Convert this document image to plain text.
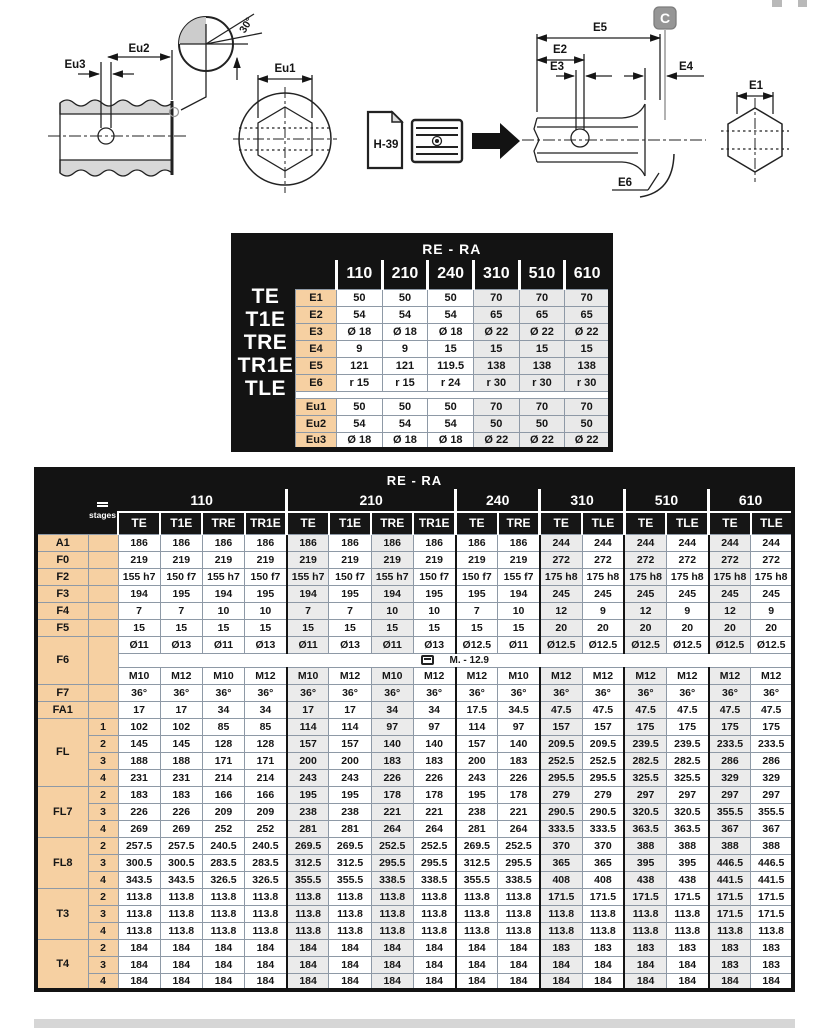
Eu2
Eu3
30°
Eu1
H-39
C
E5
E2
E3	E4
E6
E1
TE
T1E
TRE
TR1E
TLE	RE - RA						
		110	210	240	310	510	610
	E1	50	50	50	70	70	70
	E2	54	54	54	65	65	65
	E3	Ø 18	Ø 18	Ø 18	Ø 22	Ø 22	Ø 22
	E4	9	9	15	15	15	15
	E5	121	121	119.5	138	138	138
	E6	r 15	r 15	r 24	r 30	r 30	r 30

	Eu1	50	50	50	70	70	70
	Eu2	54	54	54	50	50	50
	Eu3	Ø 18	Ø 18	Ø 18	Ø 22	Ø 22	Ø 22
RE - RA																	

stages	110				210				240		310		510		610	
		TE	T1E	TRE	TR1E	TE	T1E	TRE	TR1E	TE	TRE	TE	TLE	TE	TLE	TE	TLE
A1		186	186	186	186	186	186	186	186	186	186	244	244	244	244	244	244
F0		219	219	219	219	219	219	219	219	219	219	272	272	272	272	272	272
F2		155 h7	150 f7	155 h7	150 f7	155 h7	150 f7	155 h7	150 f7	150 f7	155 f7	175 h8	175 h8	175 h8	175 h8	175 h8	175 h8
F3		194	195	194	195	194	195	194	195	195	194	245	245	245	245	245	245
F4		7	7	10	10	7	7	10	10	7	10	12	9	12	9	12	9
F5		15	15	15	15	15	15	15	15	15	15	20	20	20	20	20	20
F6		Ø11	Ø13	Ø11	Ø13	Ø11	Ø13	Ø11	Ø13	Ø12.5	Ø11	Ø12.5	Ø12.5	Ø12.5	Ø12.5	Ø12.5	Ø12.5
		M. - 12.9															
		M10	M12	M10	M12	M10	M12	M10	M12	M12	M10	M12	M12	M12	M12	M12	M12
F7		36°	36°	36°	36°	36°	36°	36°	36°	36°	36°	36°	36°	36°	36°	36°	36°
FA1		17	17	34	34	17	17	34	34	17.5	34.5	47.5	47.5	47.5	47.5	47.5	47.5
FL	1	102	102	85	85	114	114	97	97	114	97	157	157	175	175	175	175
	2	145	145	128	128	157	157	140	140	157	140	209.5	209.5	239.5	239.5	233.5	233.5
	3	188	188	171	171	200	200	183	183	200	183	252.5	252.5	282.5	282.5	286	286
	4	231	231	214	214	243	243	226	226	243	226	295.5	295.5	325.5	325.5	329	329
FL7	2	183	183	166	166	195	195	178	178	195	178	279	279	297	297	297	297
	3	226	226	209	209	238	238	221	221	238	221	290.5	290.5	320.5	320.5	355.5	355.5
	4	269	269	252	252	281	281	264	264	281	264	333.5	333.5	363.5	363.5	367	367
FL8	2	257.5	257.5	240.5	240.5	269.5	269.5	252.5	252.5	269.5	252.5	370	370	388	388	388	388
	3	300.5	300.5	283.5	283.5	312.5	312.5	295.5	295.5	312.5	295.5	365	365	395	395	446.5	446.5
	4	343.5	343.5	326.5	326.5	355.5	355.5	338.5	338.5	355.5	338.5	408	408	438	438	441.5	441.5
T3	2	113.8	113.8	113.8	113.8	113.8	113.8	113.8	113.8	113.8	113.8	171.5	171.5	171.5	171.5	171.5	171.5
	3	113.8	113.8	113.8	113.8	113.8	113.8	113.8	113.8	113.8	113.8	113.8	113.8	113.8	113.8	171.5	171.5
	4	113.8	113.8	113.8	113.8	113.8	113.8	113.8	113.8	113.8	113.8	113.8	113.8	113.8	113.8	113.8	113.8
T4	2	184	184	184	184	184	184	184	184	184	184	183	183	183	183	183	183
	3	184	184	184	184	184	184	184	184	184	184	184	184	184	184	183	183
	4	184	184	184	184	184	184	184	184	184	184	184	184	184	184	184	184
